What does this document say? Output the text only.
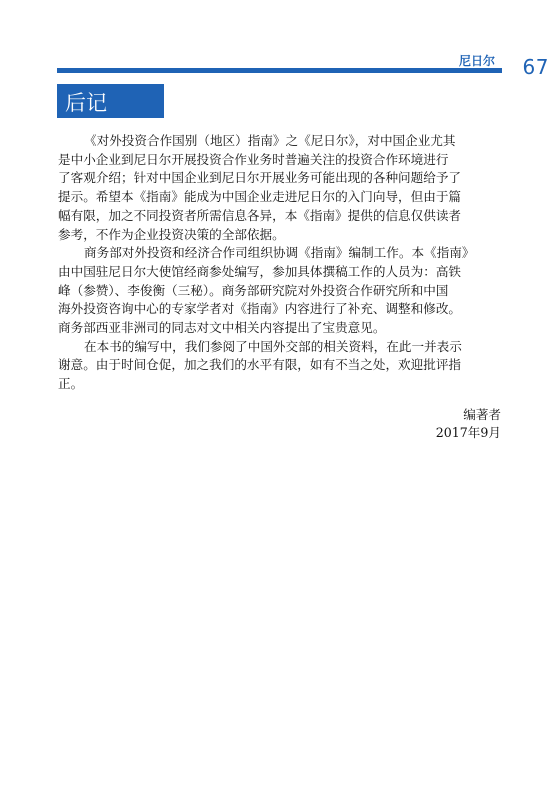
尼日尔 67
后记
《对外投资合作国别（地区）指南》之《尼日尔》，对中国企业尤其
是中小企业到尼日尔开展投资合作业务时普遍关注的投资合作环境进行
了客观介绍；针对中国企业到尼日尔开展业务可能出现的各种问题给予了
提示。希望本《指南》能成为中国企业走进尼日尔的入门向导，但由于篇
幅有限，加之不同投资者所需信息各异，本《指南》提供的信息仅供读者
参考，不作为企业投资决策的全部依据。
商务部对外投资和经济合作司组织协调《指南》编制工作。本《指南》
由中国驻尼日尔大使馆经商参处编写，参加具体撰稿工作的人员为：高铁
峰（参赞）、李俊衡（三秘）。商务部研究院对外投资合作研究所和中国
海外投资咨询中心的专家学者对《指南》内容进行了补充、调整和修改。
商务部西亚非洲司的同志对文中相关内容提出了宝贵意见。
在本书的编写中，我们参阅了中国外交部的相关资料，在此一并表示
谢意。由于时间仓促，加之我们的水平有限，如有不当之处，欢迎批评指
正。
编著者
2017年9月
